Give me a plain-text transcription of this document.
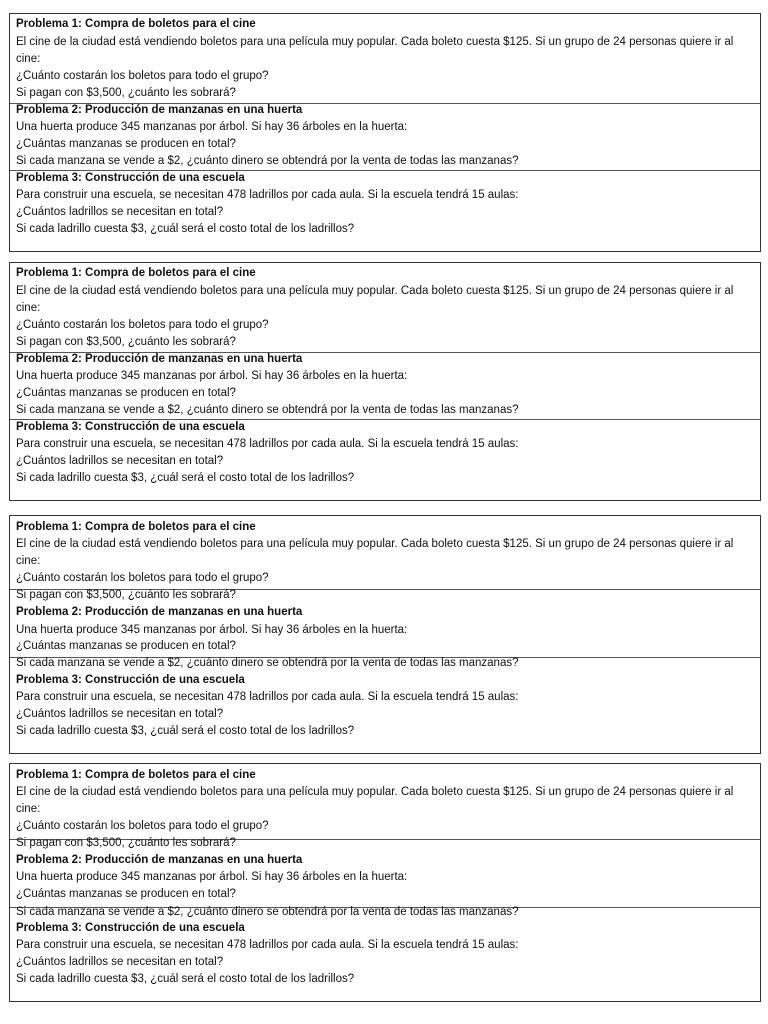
Problema 1: Compra de boletos para el cine
El cine de la ciudad está vendiendo boletos para una película muy popular. Cada boleto cuesta $125. Si un grupo de 24 personas quiere ir al
cine:
¿Cuánto costarán los boletos para todo el grupo?
Si pagan con $3,500, ¿cuánto les sobrará?
Problema 2: Producción de manzanas en una huerta
Una huerta produce 345 manzanas por árbol. Si hay 36 árboles en la huerta:
¿Cuántas manzanas se producen en total?
Si cada manzana se vende a $2, ¿cuánto dinero se obtendrá por la venta de todas las manzanas?
Problema 3: Construcción de una escuela
Para construir una escuela, se necesitan 478 ladrillos por cada aula. Si la escuela tendrá 15 aulas:
¿Cuántos ladrillos se necesitan en total?
Si cada ladrillo cuesta $3, ¿cuál será el costo total de los ladrillos?
Problema 1: Compra de boletos para el cine
El cine de la ciudad está vendiendo boletos para una película muy popular. Cada boleto cuesta $125. Si un grupo de 24 personas quiere ir al
cine:
¿Cuánto costarán los boletos para todo el grupo?
Si pagan con $3,500, ¿cuánto les sobrará?
Problema 2: Producción de manzanas en una huerta
Una huerta produce 345 manzanas por árbol. Si hay 36 árboles en la huerta:
¿Cuántas manzanas se producen en total?
Si cada manzana se vende a $2, ¿cuánto dinero se obtendrá por la venta de todas las manzanas?
Problema 3: Construcción de una escuela
Para construir una escuela, se necesitan 478 ladrillos por cada aula. Si la escuela tendrá 15 aulas:
¿Cuántos ladrillos se necesitan en total?
Si cada ladrillo cuesta $3, ¿cuál será el costo total de los ladrillos?
Problema 1: Compra de boletos para el cine
El cine de la ciudad está vendiendo boletos para una película muy popular. Cada boleto cuesta $125. Si un grupo de 24 personas quiere ir al
cine:
¿Cuánto costarán los boletos para todo el grupo?
Si pagan con $3,500, ¿cuánto les sobrará?
Problema 2: Producción de manzanas en una huerta
Una huerta produce 345 manzanas por árbol. Si hay 36 árboles en la huerta:
¿Cuántas manzanas se producen en total?
Si cada manzana se vende a $2, ¿cuánto dinero se obtendrá por la venta de todas las manzanas?
Problema 3: Construcción de una escuela
Para construir una escuela, se necesitan 478 ladrillos por cada aula. Si la escuela tendrá 15 aulas:
¿Cuántos ladrillos se necesitan en total?
Si cada ladrillo cuesta $3, ¿cuál será el costo total de los ladrillos?
Problema 1: Compra de boletos para el cine
El cine de la ciudad está vendiendo boletos para una película muy popular. Cada boleto cuesta $125. Si un grupo de 24 personas quiere ir al
cine:
¿Cuánto costarán los boletos para todo el grupo?
Si pagan con $3,500, ¿cuánto les sobrará?
Problema 2: Producción de manzanas en una huerta
Una huerta produce 345 manzanas por árbol. Si hay 36 árboles en la huerta:
¿Cuántas manzanas se producen en total?
Si cada manzana se vende a $2, ¿cuánto dinero se obtendrá por la venta de todas las manzanas?
Problema 3: Construcción de una escuela
Para construir una escuela, se necesitan 478 ladrillos por cada aula. Si la escuela tendrá 15 aulas:
¿Cuántos ladrillos se necesitan en total?
Si cada ladrillo cuesta $3, ¿cuál será el costo total de los ladrillos?
